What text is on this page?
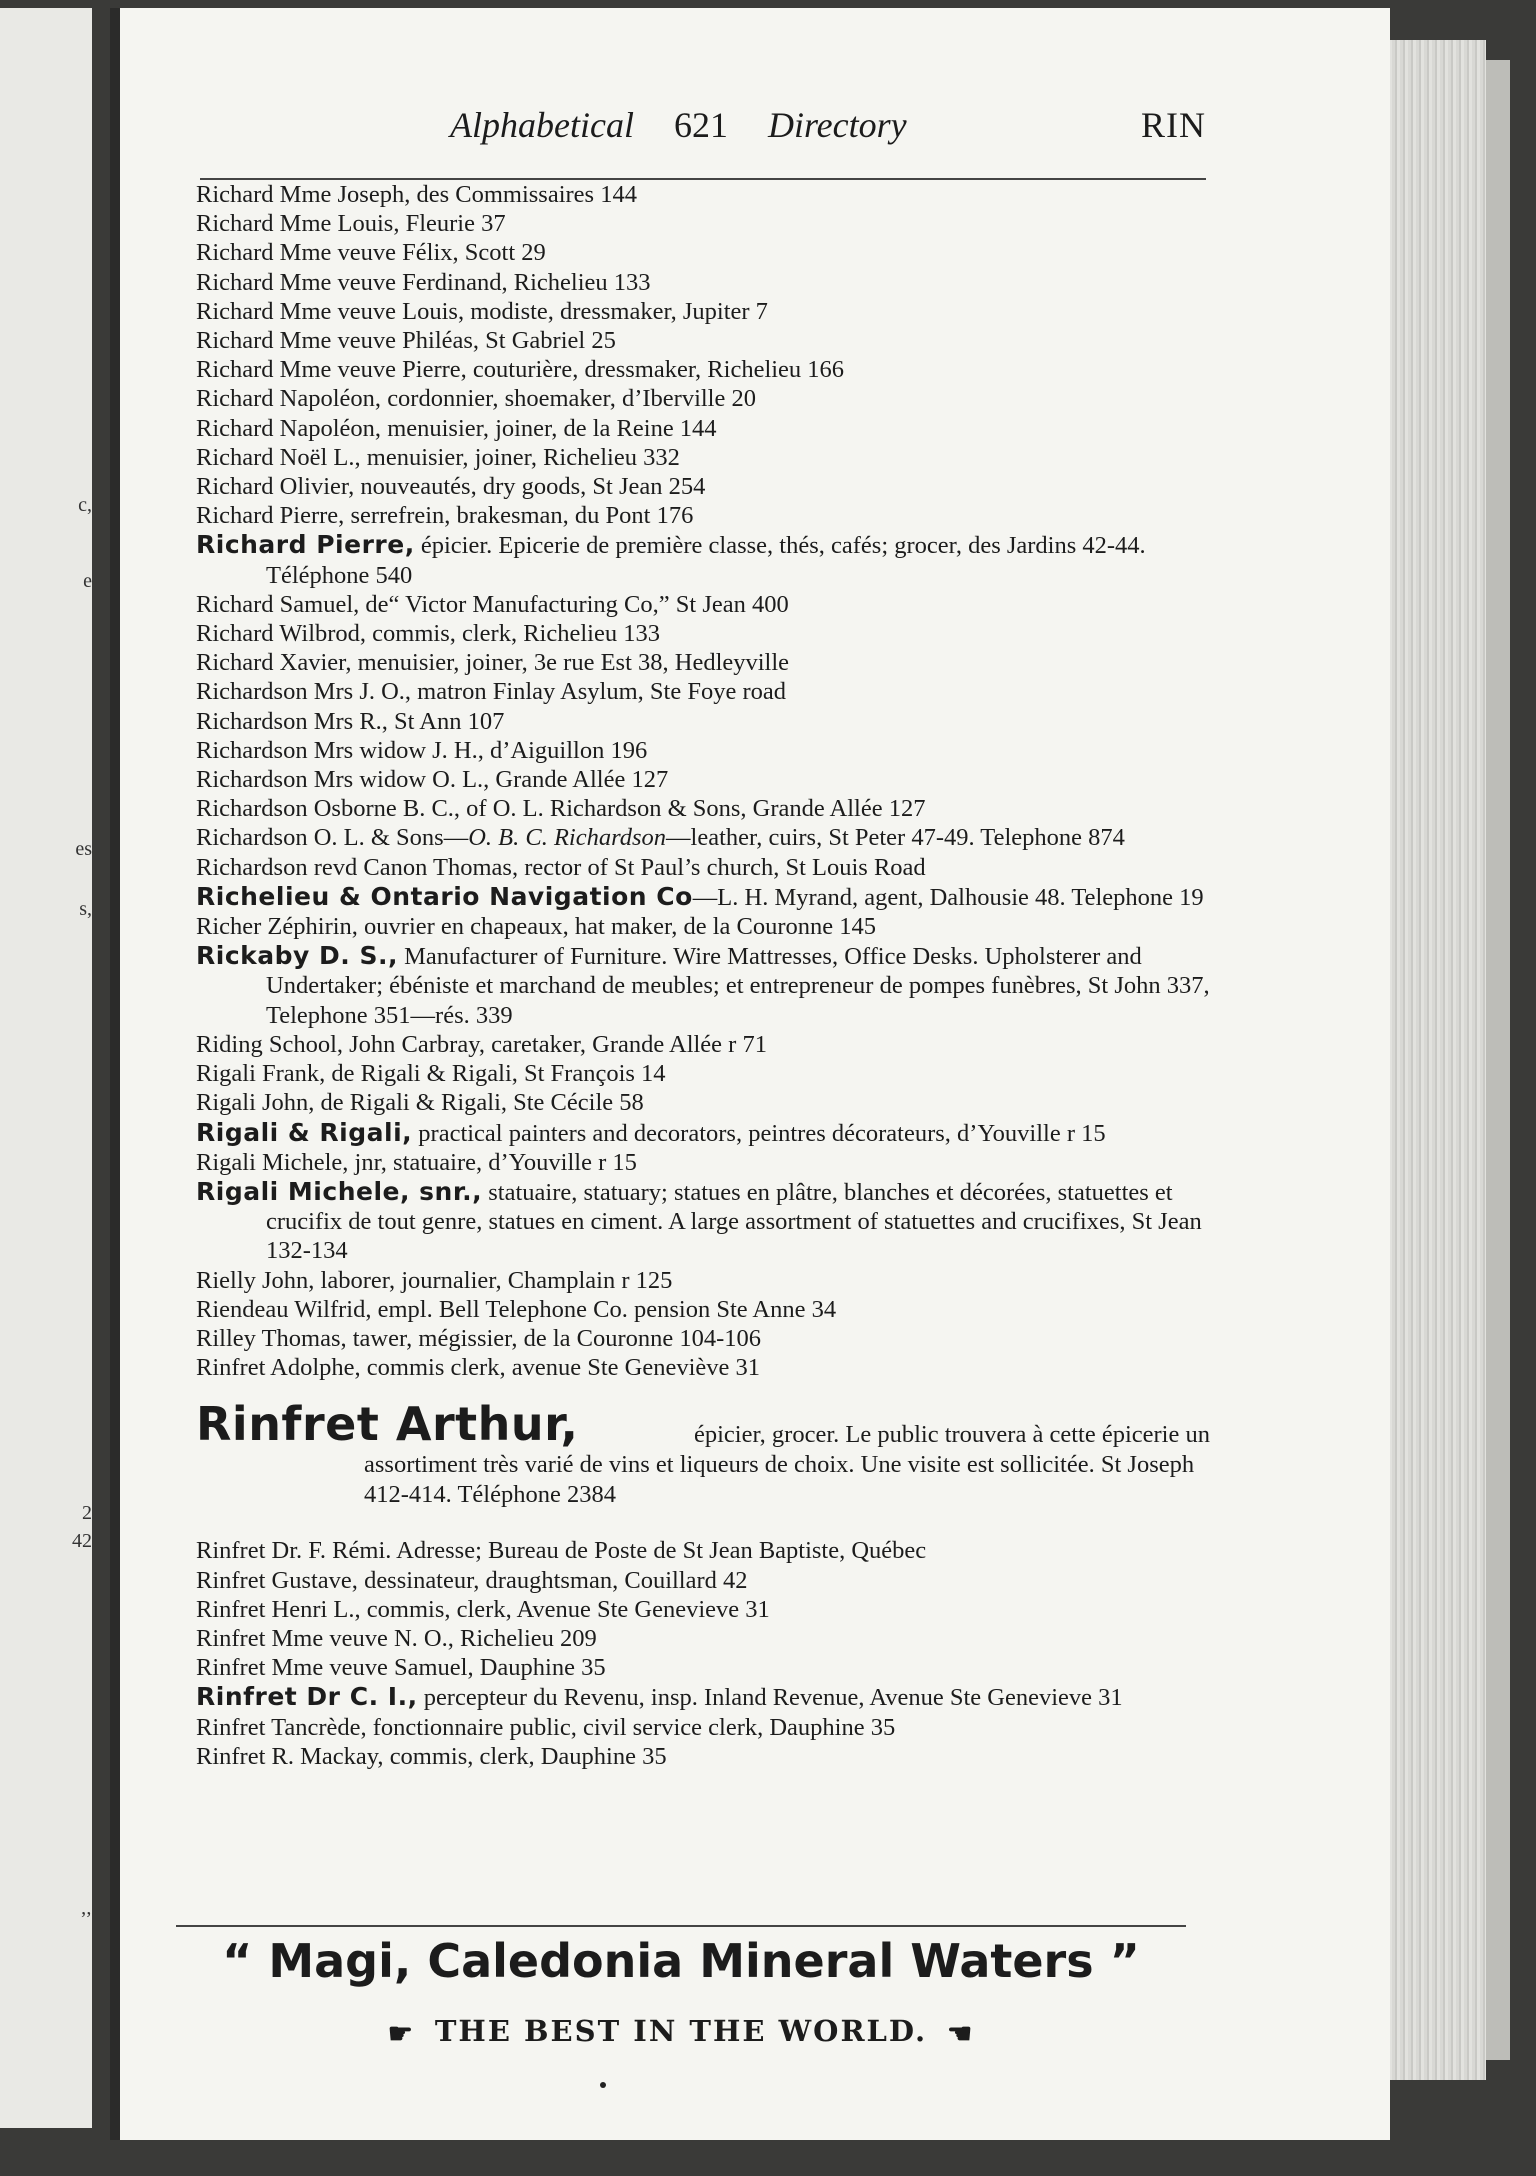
c,
e
es
s,
2
42
’’
Alphabetical 621 Directory	RIN
Richard Mme Joseph, des Commissaires 144
Richard Mme Louis, Fleurie 37
Richard Mme veuve Félix, Scott 29
Richard Mme veuve Ferdinand, Richelieu 133
Richard Mme veuve Louis, modiste, dressmaker, Jupiter 7
Richard Mme veuve Philéas, St Gabriel 25
Richard Mme veuve Pierre, couturière, dressmaker, Richelieu 166
Richard Napoléon, cordonnier, shoemaker, d’Iberville 20
Richard Napoléon, menuisier, joiner, de la Reine 144
Richard Noël L., menuisier, joiner, Richelieu 332
Richard Olivier, nouveautés, dry goods, St Jean 254
Richard Pierre, serrefrein, brakesman, du Pont 176
Richard Pierre, épicier. Epicerie de première classe, thés, cafés; grocer, des Jardins 42-44. Téléphone 540
Richard Samuel, de“ Victor Manufacturing Co,” St Jean 400
Richard Wilbrod, commis, clerk, Richelieu 133
Richard Xavier, menuisier, joiner, 3e rue Est 38, Hedleyville
Richardson Mrs J. O., matron Finlay Asylum, Ste Foye road
Richardson Mrs R., St Ann 107
Richardson Mrs widow J. H., d’Aiguillon 196
Richardson Mrs widow O. L., Grande Allée 127
Richardson Osborne B. C., of O. L. Richardson & Sons, Grande Allée 127
Richardson O. L. & Sons—O. B. C. Richardson—leather, cuirs, St Peter 47-49. Telephone 874
Richardson revd Canon Thomas, rector of St Paul’s church, St Louis Road
Richelieu & Ontario Navigation Co—L. H. Myrand, agent, Dalhousie 48. Telephone 19
Richer Zéphirin, ouvrier en chapeaux, hat maker, de la Couronne 145
Rickaby D. S., Manufacturer of Furniture. Wire Mattresses, Office Desks. Upholsterer and Undertaker; ébéniste et marchand de meubles; et entrepreneur de pompes funèbres, St John 337, Telephone 351—rés. 339
Riding School, John Carbray, caretaker, Grande Allée r 71
Rigali Frank, de Rigali & Rigali, St François 14
Rigali John, de Rigali & Rigali, Ste Cécile 58
Rigali & Rigali, practical painters and decorators, peintres décorateurs, d’Youville r 15
Rigali Michele, jnr, statuaire, d’Youville r 15
Rigali Michele, snr., statuaire, statuary; statues en plâtre, blanches et décorées, statuettes et crucifix de tout genre, statues en ciment. A large assortment of statuettes and crucifixes, St Jean 132-134
Rielly John, laborer, journalier, Champlain r 125
Riendeau Wilfrid, empl. Bell Telephone Co. pension Ste Anne 34
Rilley Thomas, tawer, mégissier, de la Couronne 104-106
Rinfret Adolphe, commis clerk, avenue Ste Geneviève 31
Rinfret Arthur,	épicier, grocer. Le public trouvera à cette épicerie un assortiment très varié de vins et liqueurs de choix. Une visite est sollicitée. St Joseph 412-414. Téléphone 2384
Rinfret Dr. F. Rémi. Adresse; Bureau de Poste de St Jean Baptiste, Québec
Rinfret Gustave, dessinateur, draughtsman, Couillard 42
Rinfret Henri L., commis, clerk, Avenue Ste Genevieve 31
Rinfret Mme veuve N. O., Richelieu 209
Rinfret Mme veuve Samuel, Dauphine 35
Rinfret Dr C. I., percepteur du Revenu, insp. Inland Revenue, Avenue Ste Genevieve 31
Rinfret Tancrède, fonctionnaire public, civil service clerk, Dauphine 35
Rinfret R. Mackay, commis, clerk, Dauphine 35
“ Magi, Caledonia Mineral Waters ”
☛ THE BEST IN THE WORLD. ☚
